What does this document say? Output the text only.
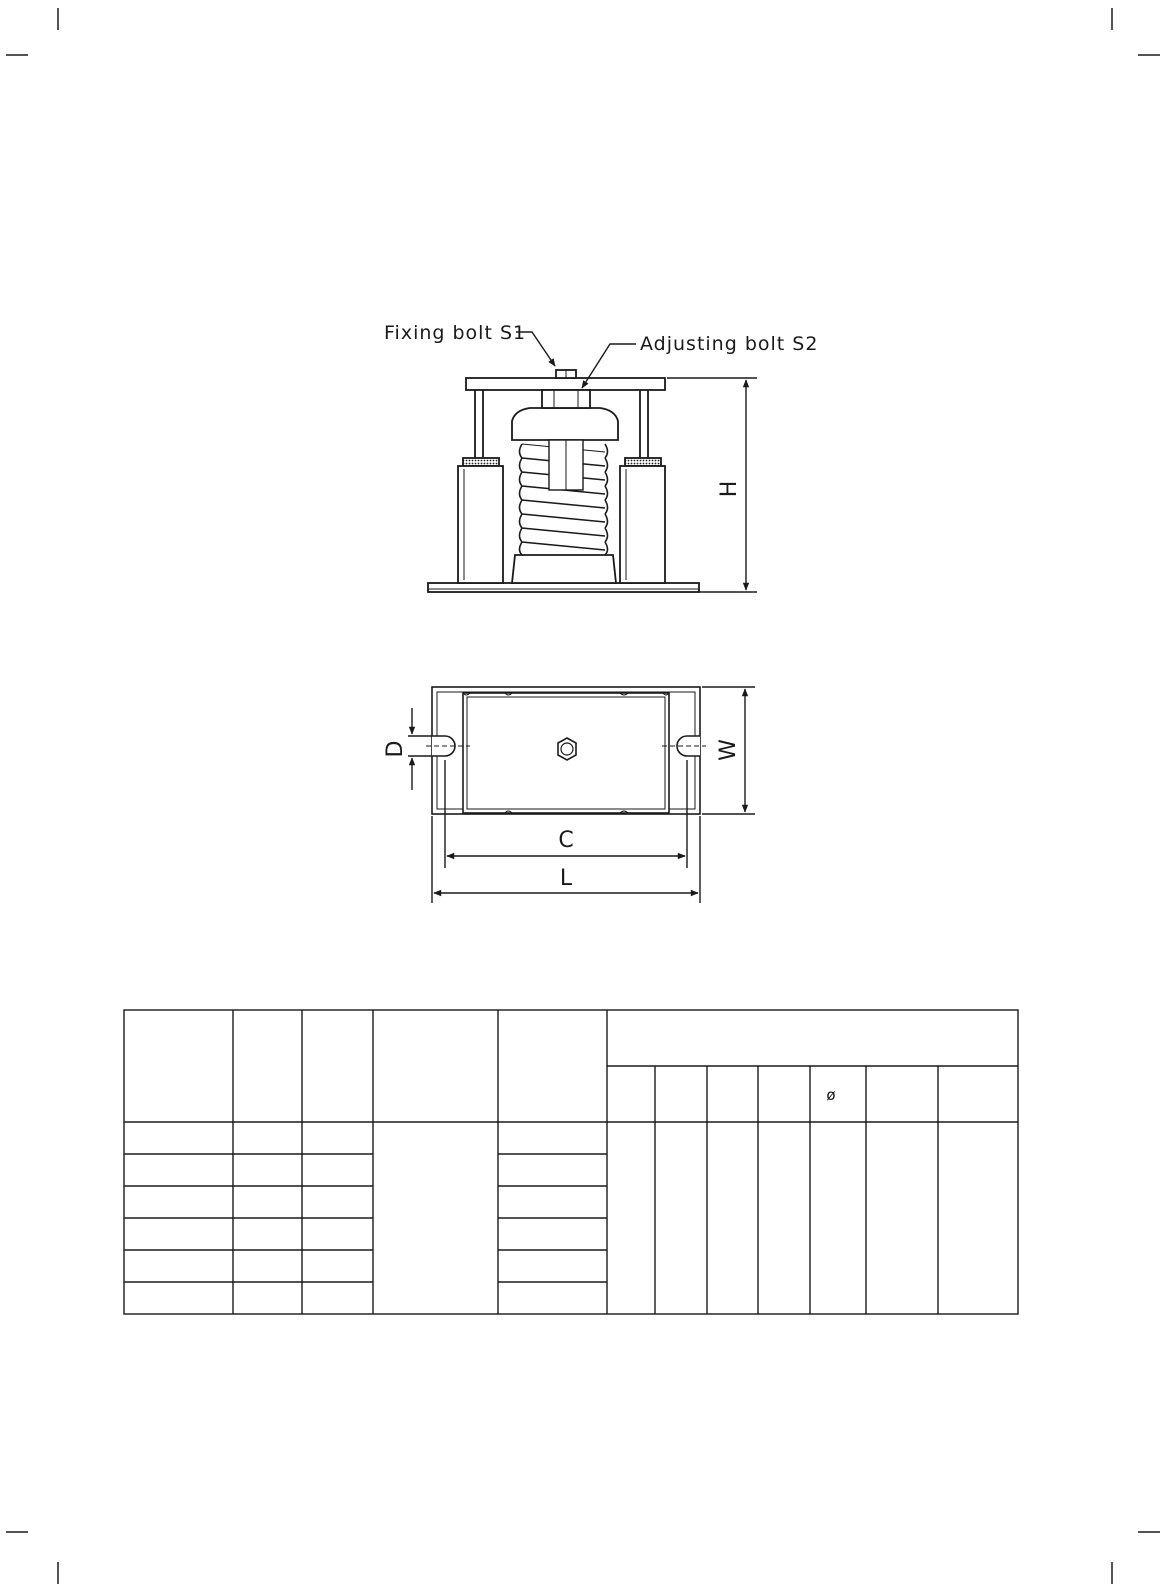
Fixing bolt S1	Adjusting bolt S2
H
D	W
C
L
ø
